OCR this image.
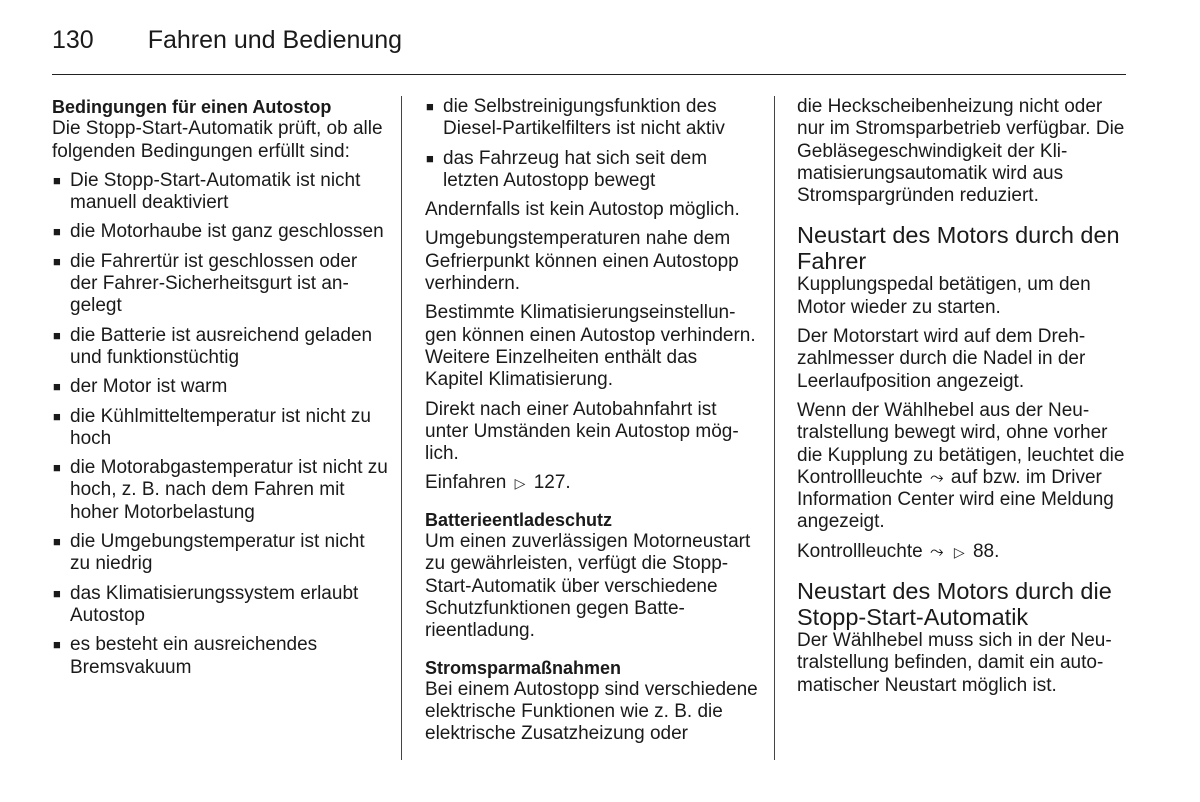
130 Fahren und Bedienung
Bedingungen für einen Autostop

Die Stopp-Start-Automatik prüft, ob alle folgenden Bedingungen erfüllt sind:

■ Die Stopp-Start-Automatik ist nicht manuell deaktiviert
■ die Motorhaube ist ganz geschlossen
■ die Fahrertür ist geschlossen oder der Fahrer-Sicherheitsgurt ist angelegt
■ die Batterie ist ausreichend geladen und funktionstüchtig
■ der Motor ist warm
■ die Kühlmitteltemperatur ist nicht zu hoch
■ die Motorabgastemperatur ist nicht zu hoch, z. B. nach dem Fahren mit hoher Motorbelastung
■ die Umgebungstemperatur ist nicht zu niedrig
■ das Klimatisierungssystem erlaubt Autostop
■ es besteht ein ausreichendes Bremsvakuum
■ die Selbstreinigungsfunktion des Diesel-Partikelfilters ist nicht aktiv
■ das Fahrzeug hat sich seit dem letzten Autostopp bewegt

Andernfalls ist kein Autostop möglich.

Umgebungstemperaturen nahe dem Gefrierpunkt können einen Autostopp verhindern.

Bestimmte Klimatisierungseinstellungen können einen Autostop verhindern. Weitere Einzelheiten enthält das Kapitel Klimatisierung.

Direkt nach einer Autobahnfahrt ist unter Umständen kein Autostop möglich.

Einfahren ▷ 127.

Batterieentladeschutz

Um einen zuverlässigen Motorneustart zu gewährleisten, verfügt die Stopp-Start-Automatik über verschiedene Schutzfunktionen gegen Batterieentladung.

Stromsparmaßnahmen

Bei einem Autostopp sind verschiedene elektrische Funktionen wie z. B. die elektrische Zusatzheizung oder

die Heckscheibenheizung nicht oder nur im Stromsparbetrieb verfügbar. Die Gebläsegeschwindigkeit der Klimatisierungsautomatik wird aus Stromspargründen reduziert.

Neustart des Motors durch den Fahrer

Kupplungspedal betätigen, um den Motor wieder zu starten.

Der Motorstart wird auf dem Drehzahlmesser durch die Nadel in der Leerlaufposition angezeigt.

Wenn der Wählhebel aus der Neutralstellung bewegt wird, ohne vorher die Kupplung zu betätigen, leuchtet die Kontrollleuchte ⤳ auf bzw. im Driver Information Center wird eine Meldung angezeigt.

Kontrollleuchte ⤳ ▷ 88.

Neustart des Motors durch die Stopp-Start-Automatik

Der Wählhebel muss sich in der Neutralstellung befinden, damit ein automatischer Neustart möglich ist.
